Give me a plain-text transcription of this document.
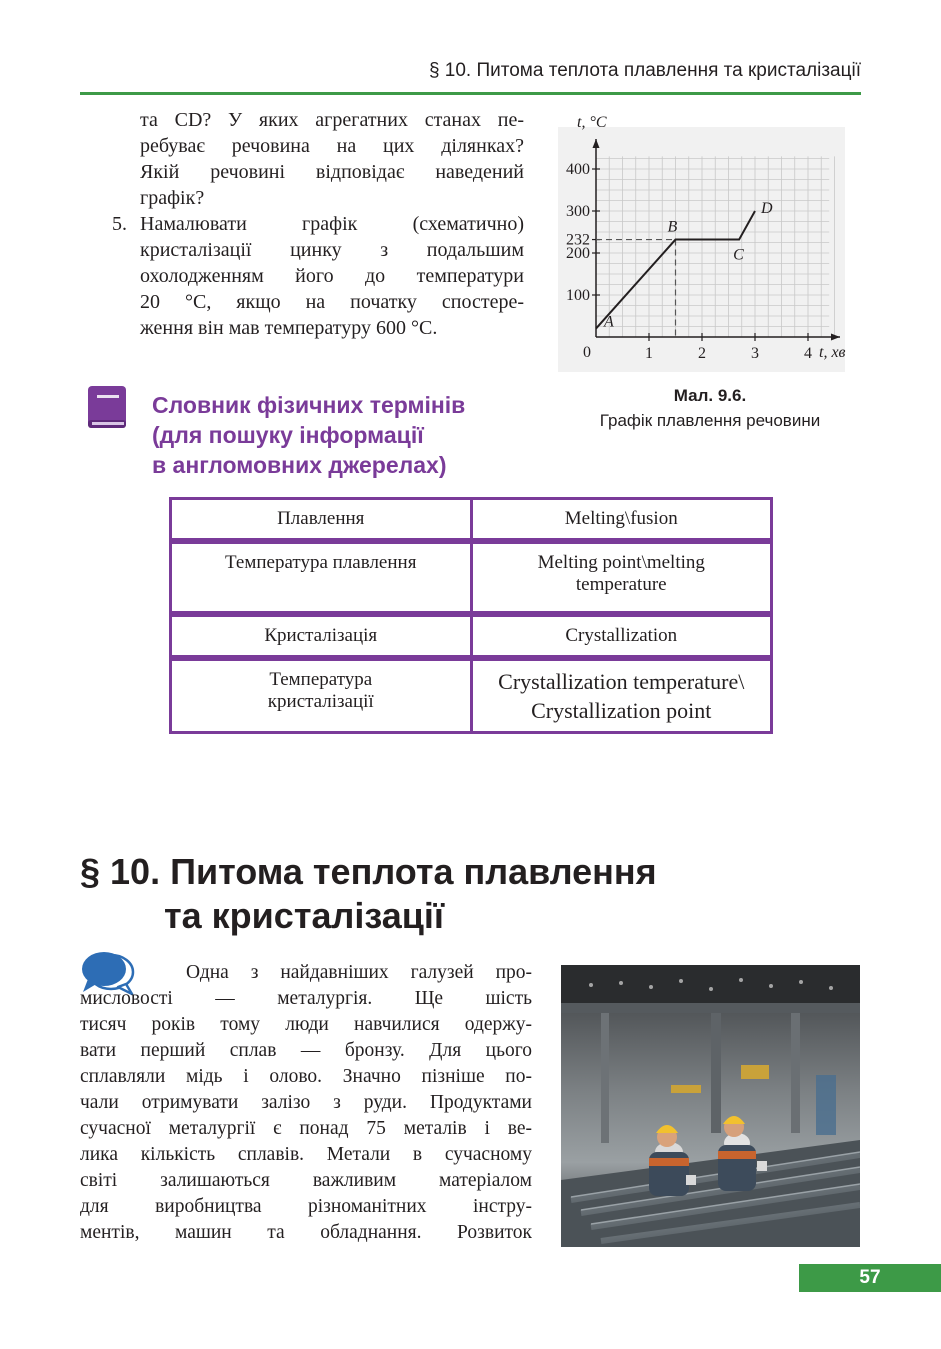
§ 10. Питома теплота плавлення та кристалізації
та CD? У яких агрегатних станах пе-
ребуває речовина на цих ділянках?
Якій речовині відповідає наведений
графік?
5. Намалювати графік (схематично)
кристалізації цинку з подальшим
охолодженням його до температури
20 °С, якщо на початку спостере-
ження він мав температуру 600 °С.
t, °С
t, хв
0
100
200
232
300
400
1	2	3	4
A
B
C
D
Мал. 9.6.
Графік плавлення речовини
Словник фізичних термінів
(для пошуку інформації
в англомовних джерелах)
Плавлення	Melting\fusion
Температура плавлення	Melting point\melting temperature
Кристалізація	Crystallization
Температура кристалізації	Crystallization temperature\ Crystallization point
§ 10. Питома теплота плавлення
та кристалізації
Одна з найдавніших галузей про-
мисловості — металургія. Ще шість
тисяч років тому люди навчилися одержу-
вати перший сплав — бронзу. Для цього
сплавляли мідь і олово. Значно пізніше по-
чали отримувати залізо з руди. Продуктами
сучасної металургії є понад 75 металів і ве-
лика кількість сплавів. Метали в сучасному
світі залишаються важливим матеріалом
для виробництва різноманітних інстру-
ментів, машин та обладнання. Розвиток
57
